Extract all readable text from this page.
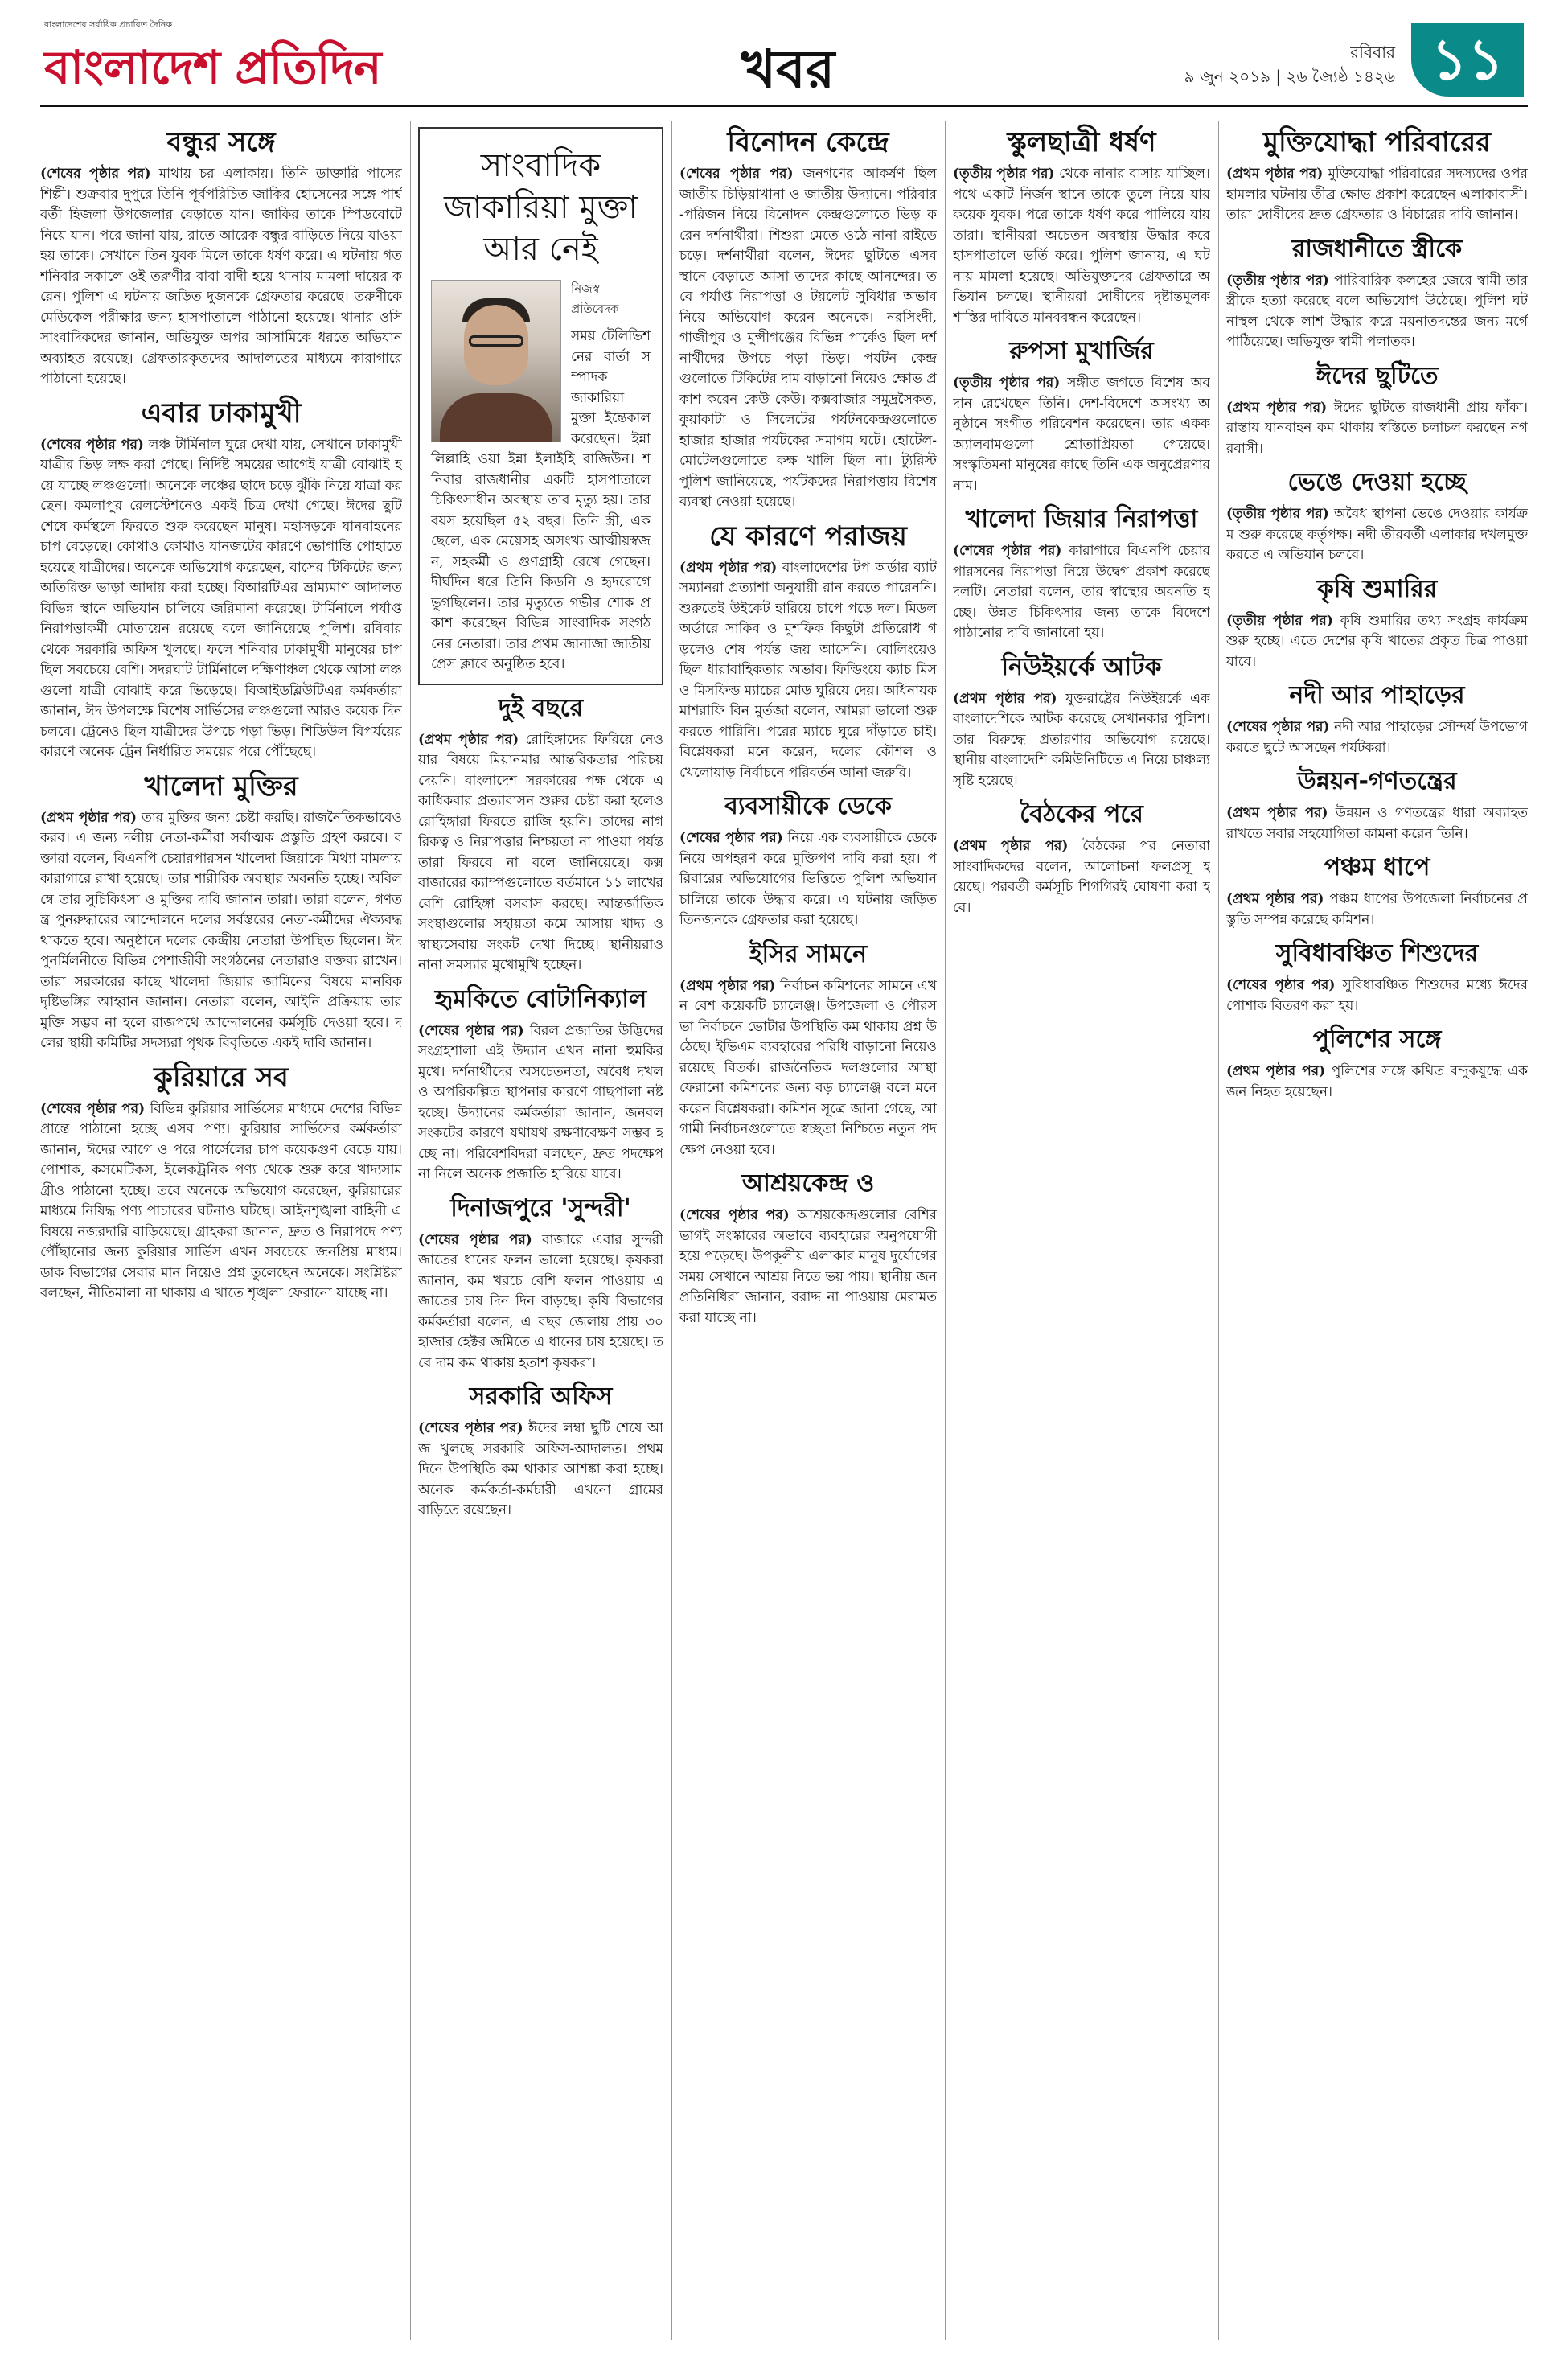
বাংলাদেশের সর্বাধিক প্রচারিত দৈনিক
বাংলাদেশ প্রতিদিন	খবর	রবিবার
৯ জুন ২০১৯ | ২৬ জ্যৈষ্ঠ ১৪২৬ ১১
বন্ধুর সঙ্গে

(শেষের পৃষ্ঠার পর) মাথায় চর এলাকায়। তিনি ডাক্তারি পাসের শিল্পী। শুক্রবার দুপুরে তিনি পূর্বপরিচিত জাকির হোসেনের সঙ্গে পার্শ্ববর্তী হিজলা উপজেলার বেড়াতে যান। জাকির তাকে স্পিডবোটে নিয়ে যান। পরে জানা যায়, রাতে আরেক বন্ধুর বাড়িতে নিয়ে যাওয়া হয় তাকে। সেখানে তিন যুবক মিলে তাকে ধর্ষণ করে। এ ঘটনায় গত শনিবার সকালে ওই তরুণীর বাবা বাদী হয়ে থানায় মামলা দায়ের করেন। পুলিশ এ ঘটনায় জড়িত দুজনকে গ্রেফতার করেছে। তরুণীকে মেডিকেল পরীক্ষার জন্য হাসপাতালে পাঠানো হয়েছে। থানার ওসি সাংবাদিকদের জানান, অভিযুক্ত অপর আসামিকে ধরতে অভিযান অব্যাহত রয়েছে। গ্রেফতারকৃতদের আদালতের মাধ্যমে কারাগারে পাঠানো হয়েছে।

এবার ঢাকামুখী

(শেষের পৃষ্ঠার পর) লঞ্চ টার্মিনাল ঘুরে দেখা যায়, সেখানে ঢাকামুখী যাত্রীর ভিড় লক্ষ করা গেছে। নির্দিষ্ট সময়ের আগেই যাত্রী বোঝাই হয়ে যাচ্ছে লঞ্চগুলো। অনেকে লঞ্চের ছাদে চড়ে ঝুঁকি নিয়ে যাত্রা করছেন। কমলাপুর রেলস্টেশনেও একই চিত্র দেখা গেছে। ঈদের ছুটি শেষে কর্মস্থলে ফিরতে শুরু করেছেন মানুষ। মহাসড়কে যানবাহনের চাপ বেড়েছে। কোথাও কোথাও যানজটের কারণে ভোগান্তি পোহাতে হয়েছে যাত্রীদের। অনেকে অভিযোগ করেছেন, বাসের টিকিটের জন্য অতিরিক্ত ভাড়া আদায় করা হচ্ছে। বিআরটিএর ভ্রাম্যমাণ আদালত বিভিন্ন স্থানে অভিযান চালিয়ে জরিমানা করেছে। টার্মিনালে পর্যাপ্ত নিরাপত্তাকর্মী মোতায়েন রয়েছে বলে জানিয়েছে পুলিশ। রবিবার থেকে সরকারি অফিস খুলছে। ফলে শনিবার ঢাকামুখী মানুষের চাপ ছিল সবচেয়ে বেশি। সদরঘাট টার্মিনালে দক্ষিণাঞ্চল থেকে আসা লঞ্চগুলো যাত্রী বোঝাই করে ভিড়েছে। বিআইডব্লিউটিএর কর্মকর্তারা জানান, ঈদ উপলক্ষে বিশেষ সার্ভিসের লঞ্চগুলো আরও কয়েক দিন চলবে। ট্রেনেও ছিল যাত্রীদের উপচে পড়া ভিড়। শিডিউল বিপর্যয়ের কারণে অনেক ট্রেন নির্ধারিত সময়ের পরে পৌঁছেছে।

খালেদা মুক্তির

(প্রথম পৃষ্ঠার পর) তার মুক্তির জন্য চেষ্টা করছি। রাজনৈতিকভাবেও করব। এ জন্য দলীয় নেতা-কর্মীরা সর্বাত্মক প্রস্তুতি গ্রহণ করবে। বক্তারা বলেন, বিএনপি চেয়ারপারসন খালেদা জিয়াকে মিথ্যা মামলায় কারাগারে রাখা হয়েছে। তার শারীরিক অবস্থার অবনতি হচ্ছে। অবিলম্বে তার সুচিকিৎসা ও মুক্তির দাবি জানান তারা। তারা বলেন, গণতন্ত্র পুনরুদ্ধারের আন্দোলনে দলের সর্বস্তরের নেতা-কর্মীদের ঐক্যবদ্ধ থাকতে হবে। অনুষ্ঠানে দলের কেন্দ্রীয় নেতারা উপস্থিত ছিলেন। ঈদ পুনর্মিলনীতে বিভিন্ন পেশাজীবী সংগঠনের নেতারাও বক্তব্য রাখেন। তারা সরকারের কাছে খালেদা জিয়ার জামিনের বিষয়ে মানবিক দৃষ্টিভঙ্গির আহ্বান জানান। নেতারা বলেন, আইনি প্রক্রিয়ায় তার মুক্তি সম্ভব না হলে রাজপথে আন্দোলনের কর্মসূচি দেওয়া হবে। দলের স্থায়ী কমিটির সদস্যরা পৃথক বিবৃতিতে একই দাবি জানান।

কুরিয়ারে সব

(শেষের পৃষ্ঠার পর) বিভিন্ন কুরিয়ার সার্ভিসের মাধ্যমে দেশের বিভিন্ন প্রান্তে পাঠানো হচ্ছে এসব পণ্য। কুরিয়ার সার্ভিসের কর্মকর্তারা জানান, ঈদের আগে ও পরে পার্সেলের চাপ কয়েকগুণ বেড়ে যায়। পোশাক, কসমেটিকস, ইলেকট্রনিক পণ্য থেকে শুরু করে খাদ্যসামগ্রীও পাঠানো হচ্ছে। তবে অনেকে অভিযোগ করেছেন, কুরিয়ারের মাধ্যমে নিষিদ্ধ পণ্য পাচারের ঘটনাও ঘটছে। আইনশৃঙ্খলা বাহিনী এ বিষয়ে নজরদারি বাড়িয়েছে। গ্রাহকরা জানান, দ্রুত ও নিরাপদে পণ্য পৌঁছানোর জন্য কুরিয়ার সার্ভিস এখন সবচেয়ে জনপ্রিয় মাধ্যম। ডাক বিভাগের সেবার মান নিয়েও প্রশ্ন তুলেছেন অনেকে। সংশ্লিষ্টরা বলছেন, নীতিমালা না থাকায় এ খাতে শৃঙ্খলা ফেরানো যাচ্ছে না।

সাংবাদিক জাকারিয়া মুক্তা আর নেই
নিজস্ব প্রতিবেদক

সময় টেলিভিশনের বার্তা সম্পাদক জাকারিয়া মুক্তা ইন্তেকাল করেছেন। ইন্না লিল্লাহি ওয়া ইন্না ইলাইহি রাজিউন। শনিবার রাজধানীর একটি হাসপাতালে চিকিৎসাধীন অবস্থায় তার মৃত্যু হয়। তার বয়স হয়েছিল ৫২ বছর। তিনি স্ত্রী, এক ছেলে, এক মেয়েসহ অসংখ্য আত্মীয়স্বজন, সহকর্মী ও গুণগ্রাহী রেখে গেছেন। দীর্ঘদিন ধরে তিনি কিডনি ও হৃদরোগে ভুগছিলেন। তার মৃত্যুতে গভীর শোক প্রকাশ করেছেন বিভিন্ন সাংবাদিক সংগঠনের নেতারা। তার প্রথম জানাজা জাতীয় প্রেস ক্লাবে অনুষ্ঠিত হবে।

দুই বছরে

(প্রথম পৃষ্ঠার পর) রোহিঙ্গাদের ফিরিয়ে নেওয়ার বিষয়ে মিয়ানমার আন্তরিকতার পরিচয় দেয়নি। বাংলাদেশ সরকারের পক্ষ থেকে একাধিকবার প্রত্যাবাসন শুরুর চেষ্টা করা হলেও রোহিঙ্গারা ফিরতে রাজি হয়নি। তাদের নাগরিকত্ব ও নিরাপত্তার নিশ্চয়তা না পাওয়া পর্যন্ত তারা ফিরবে না বলে জানিয়েছে। কক্সবাজারের ক্যাম্পগুলোতে বর্তমানে ১১ লাখের বেশি রোহিঙ্গা বসবাস করছে। আন্তর্জাতিক সংস্থাগুলোর সহায়তা কমে আসায় খাদ্য ও স্বাস্থ্যসেবায় সংকট দেখা দিচ্ছে। স্থানীয়রাও নানা সমস্যার মুখোমুখি হচ্ছেন।

হৃমকিতে বোটানিক্যাল

(শেষের পৃষ্ঠার পর) বিরল প্রজাতির উদ্ভিদের সংগ্রহশালা এই উদ্যান এখন নানা হুমকির মুখে। দর্শনার্থীদের অসচেতনতা, অবৈধ দখল ও অপরিকল্পিত স্থাপনার কারণে গাছপালা নষ্ট হচ্ছে। উদ্যানের কর্মকর্তারা জানান, জনবল সংকটের কারণে যথাযথ রক্ষণাবেক্ষণ সম্ভব হচ্ছে না। পরিবেশবিদরা বলছেন, দ্রুত পদক্ষেপ না নিলে অনেক প্রজাতি হারিয়ে যাবে।

দিনাজপুরে 'সুন্দরী'

(শেষের পৃষ্ঠার পর) বাজারে এবার সুন্দরী জাতের ধানের ফলন ভালো হয়েছে। কৃষকরা জানান, কম খরচে বেশি ফলন পাওয়ায় এ জাতের চাষ দিন দিন বাড়ছে। কৃষি বিভাগের কর্মকর্তারা বলেন, এ বছর জেলায় প্রায় ৩০ হাজার হেক্টর জমিতে এ ধানের চাষ হয়েছে। তবে দাম কম থাকায় হতাশ কৃষকরা।

সরকারি অফিস

(শেষের পৃষ্ঠার পর) ঈদের লম্বা ছুটি শেষে আজ খুলছে সরকারি অফিস-আদালত। প্রথম দিনে উপস্থিতি কম থাকার আশঙ্কা করা হচ্ছে। অনেক কর্মকর্তা-কর্মচারী এখনো গ্রামের বাড়িতে রয়েছেন।

বিনোদন কেন্দ্রে

(শেষের পৃষ্ঠার পর) জনগণের আকর্ষণ ছিল জাতীয় চিড়িয়াখানা ও জাতীয় উদ্যানে। পরিবার-পরিজন নিয়ে বিনোদন কেন্দ্রগুলোতে ভিড় করেন দর্শনার্থীরা। শিশুরা মেতে ওঠে নানা রাইডে চড়ে। দর্শনার্থীরা বলেন, ঈদের ছুটিতে এসব স্থানে বেড়াতে আসা তাদের কাছে আনন্দের। তবে পর্যাপ্ত নিরাপত্তা ও টয়লেট সুবিধার অভাব নিয়ে অভিযোগ করেন অনেকে। নরসিংদী, গাজীপুর ও মুন্সীগঞ্জের বিভিন্ন পার্কেও ছিল দর্শনার্থীদের উপচে পড়া ভিড়। পর্যটন কেন্দ্রগুলোতে টিকিটের দাম বাড়ানো নিয়েও ক্ষোভ প্রকাশ করেন কেউ কেউ। কক্সবাজার সমুদ্রসৈকত, কুয়াকাটা ও সিলেটের পর্যটনকেন্দ্রগুলোতে হাজার হাজার পর্যটকের সমাগম ঘটে। হোটেল-মোটেলগুলোতে কক্ষ খালি ছিল না। ট্যুরিস্ট পুলিশ জানিয়েছে, পর্যটকদের নিরাপত্তায় বিশেষ ব্যবস্থা নেওয়া হয়েছে।

যে কারণে পরাজয়

(প্রথম পৃষ্ঠার পর) বাংলাদেশের টপ অর্ডার ব্যাটসম্যানরা প্রত্যাশা অনুযায়ী রান করতে পারেননি। শুরুতেই উইকেট হারিয়ে চাপে পড়ে দল। মিডল অর্ডারে সাকিব ও মুশফিক কিছুটা প্রতিরোধ গড়লেও শেষ পর্যন্ত জয় আসেনি। বোলিংয়েও ছিল ধারাবাহিকতার অভাব। ফিল্ডিংয়ে ক্যাচ মিস ও মিসফিল্ড ম্যাচের মোড় ঘুরিয়ে দেয়। অধিনায়ক মাশরাফি বিন মুর্তজা বলেন, আমরা ভালো শুরু করতে পারিনি। পরের ম্যাচে ঘুরে দাঁড়াতে চাই। বিশ্লেষকরা মনে করেন, দলের কৌশল ও খেলোয়াড় নির্বাচনে পরিবর্তন আনা জরুরি।

ব্যবসায়ীকে ডেকে

(শেষের পৃষ্ঠার পর) নিয়ে এক ব্যবসায়ীকে ডেকে নিয়ে অপহরণ করে মুক্তিপণ দাবি করা হয়। পরিবারের অভিযোগের ভিত্তিতে পুলিশ অভিযান চালিয়ে তাকে উদ্ধার করে। এ ঘটনায় জড়িত তিনজনকে গ্রেফতার করা হয়েছে।

ইসির সামনে

(প্রথম পৃষ্ঠার পর) নির্বাচন কমিশনের সামনে এখন বেশ কয়েকটি চ্যালেঞ্জ। উপজেলা ও পৌরসভা নির্বাচনে ভোটার উপস্থিতি কম থাকায় প্রশ্ন উঠেছে। ইভিএম ব্যবহারের পরিধি বাড়ানো নিয়েও রয়েছে বিতর্ক। রাজনৈতিক দলগুলোর আস্থা ফেরানো কমিশনের জন্য বড় চ্যালেঞ্জ বলে মনে করেন বিশ্লেষকরা। কমিশন সূত্রে জানা গেছে, আগামী নির্বাচনগুলোতে স্বচ্ছতা নিশ্চিতে নতুন পদক্ষেপ নেওয়া হবে।

আশ্রয়কেন্দ্র ও

(শেষের পৃষ্ঠার পর) আশ্রয়কেন্দ্রগুলোর বেশির ভাগই সংস্কারের অভাবে ব্যবহারের অনুপযোগী হয়ে পড়েছে। উপকূলীয় এলাকার মানুষ দুর্যোগের সময় সেখানে আশ্রয় নিতে ভয় পায়। স্থানীয় জনপ্রতিনিধিরা জানান, বরাদ্দ না পাওয়ায় মেরামত করা যাচ্ছে না।

স্কুলছাত্রী ধর্ষণ

(তৃতীয় পৃষ্ঠার পর) থেকে নানার বাসায় যাচ্ছিল। পথে একটি নির্জন স্থানে তাকে তুলে নিয়ে যায় কয়েক যুবক। পরে তাকে ধর্ষণ করে পালিয়ে যায় তারা। স্থানীয়রা অচেতন অবস্থায় উদ্ধার করে হাসপাতালে ভর্তি করে। পুলিশ জানায়, এ ঘটনায় মামলা হয়েছে। অভিযুক্তদের গ্রেফতারে অভিযান চলছে। স্থানীয়রা দোষীদের দৃষ্টান্তমূলক শাস্তির দাবিতে মানববন্ধন করেছেন।

রুপসা মুখার্জির

(তৃতীয় পৃষ্ঠার পর) সঙ্গীত জগতে বিশেষ অবদান রেখেছেন তিনি। দেশ-বিদেশে অসংখ্য অনুষ্ঠানে সংগীত পরিবেশন করেছেন। তার একক অ্যালবামগুলো শ্রোতাপ্রিয়তা পেয়েছে। সংস্কৃতিমনা মানুষের কাছে তিনি এক অনুপ্রেরণার নাম।

খালেদা জিয়ার নিরাপত্তা

(শেষের পৃষ্ঠার পর) কারাগারে বিএনপি চেয়ারপারসনের নিরাপত্তা নিয়ে উদ্বেগ প্রকাশ করেছে দলটি। নেতারা বলেন, তার স্বাস্থ্যের অবনতি হচ্ছে। উন্নত চিকিৎসার জন্য তাকে বিদেশে পাঠানোর দাবি জানানো হয়।

নিউইয়র্কে আটক

(প্রথম পৃষ্ঠার পর) যুক্তরাষ্ট্রের নিউইয়র্কে এক বাংলাদেশিকে আটক করেছে সেখানকার পুলিশ। তার বিরুদ্ধে প্রতারণার অভিযোগ রয়েছে। স্থানীয় বাংলাদেশি কমিউনিটিতে এ নিয়ে চাঞ্চল্য সৃষ্টি হয়েছে।

বৈঠকের পরে

(প্রথম পৃষ্ঠার পর) বৈঠকের পর নেতারা সাংবাদিকদের বলেন, আলোচনা ফলপ্রসূ হয়েছে। পরবর্তী কর্মসূচি শিগগিরই ঘোষণা করা হবে।

মুক্তিযোদ্ধা পরিবারের

(প্রথম পৃষ্ঠার পর) মুক্তিযোদ্ধা পরিবারের সদস্যদের ওপর হামলার ঘটনায় তীব্র ক্ষোভ প্রকাশ করেছেন এলাকাবাসী। তারা দোষীদের দ্রুত গ্রেফতার ও বিচারের দাবি জানান।

রাজধানীতে স্ত্রীকে

(তৃতীয় পৃষ্ঠার পর) পারিবারিক কলহের জেরে স্বামী তার স্ত্রীকে হত্যা করেছে বলে অভিযোগ উঠেছে। পুলিশ ঘটনাস্থল থেকে লাশ উদ্ধার করে ময়নাতদন্তের জন্য মর্গে পাঠিয়েছে। অভিযুক্ত স্বামী পলাতক।

ঈদের ছুটিতে

(প্রথম পৃষ্ঠার পর) ঈদের ছুটিতে রাজধানী প্রায় ফাঁকা। রাস্তায় যানবাহন কম থাকায় স্বস্তিতে চলাচল করছেন নগরবাসী।

ভেঙে দেওয়া হচ্ছে

(তৃতীয় পৃষ্ঠার পর) অবৈধ স্থাপনা ভেঙে দেওয়ার কার্যক্রম শুরু করেছে কর্তৃপক্ষ। নদী তীরবর্তী এলাকার দখলমুক্ত করতে এ অভিযান চলবে।

কৃষি শুমারির

(তৃতীয় পৃষ্ঠার পর) কৃষি শুমারির তথ্য সংগ্রহ কার্যক্রম শুরু হচ্ছে। এতে দেশের কৃষি খাতের প্রকৃত চিত্র পাওয়া যাবে।

নদী আর পাহাড়ের

(শেষের পৃষ্ঠার পর) নদী আর পাহাড়ের সৌন্দর্য উপভোগ করতে ছুটে আসছেন পর্যটকরা।

উন্নয়ন-গণতন্ত্রের

(প্রথম পৃষ্ঠার পর) উন্নয়ন ও গণতন্ত্রের ধারা অব্যাহত রাখতে সবার সহযোগিতা কামনা করেন তিনি।

পঞ্চম ধাপে

(প্রথম পৃষ্ঠার পর) পঞ্চম ধাপের উপজেলা নির্বাচনের প্রস্তুতি সম্পন্ন করেছে কমিশন।

সুবিধাবঞ্চিত শিশুদের

(শেষের পৃষ্ঠার পর) সুবিধাবঞ্চিত শিশুদের মধ্যে ঈদের পোশাক বিতরণ করা হয়।

পুলিশের সঙ্গে

(প্রথম পৃষ্ঠার পর) পুলিশের সঙ্গে কথিত বন্দুকযুদ্ধে একজন নিহত হয়েছেন।
